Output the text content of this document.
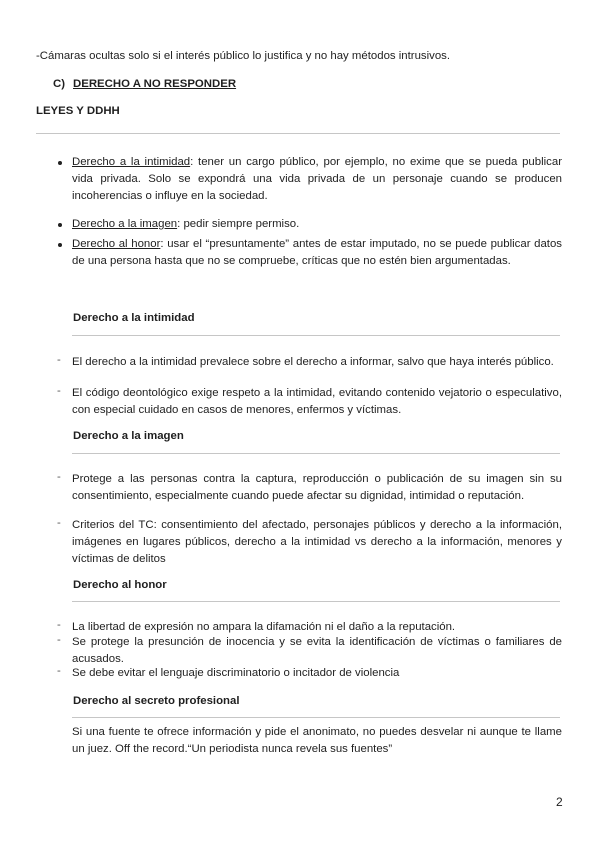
-Cámaras ocultas solo si el interés público lo justifica y no hay métodos intrusivos.
C) DERECHO A NO RESPONDER
LEYES Y DDHH
Derecho a la intimidad: tener un cargo público, por ejemplo, no exime que se pueda publicar vida privada. Solo se expondrá una vida privada de un personaje cuando se producen incoherencias o influye en la sociedad.
Derecho a la imagen: pedir siempre permiso.
Derecho al honor: usar el “presuntamente” antes de estar imputado, no se puede publicar datos de una persona hasta que no se compruebe, críticas que no estén bien argumentadas.
Derecho a la intimidad
- El derecho a la intimidad prevalece sobre el derecho a informar, salvo que haya interés público.
- El código deontológico exige respeto a la intimidad, evitando contenido vejatorio o especulativo, con especial cuidado en casos de menores, enfermos y víctimas.
Derecho a la imagen
- Protege a las personas contra la captura, reproducción o publicación de su imagen sin su consentimiento, especialmente cuando puede afectar su dignidad, intimidad o reputación.
- Criterios del TC: consentimiento del afectado, personajes públicos y derecho a la información, imágenes en lugares públicos, derecho a la intimidad vs derecho a la información, menores y víctimas de delitos
Derecho al honor
- La libertad de expresión no ampara la difamación ni el daño a la reputación.
- Se protege la presunción de inocencia y se evita la identificación de víctimas o familiares de acusados.
- Se debe evitar el lenguaje discriminatorio o incitador de violencia
Derecho al secreto profesional
Si una fuente te ofrece información y pide el anonimato, no puedes desvelar ni aunque te llame un juez. Off the record.“Un periodista nunca revela sus fuentes”
2
